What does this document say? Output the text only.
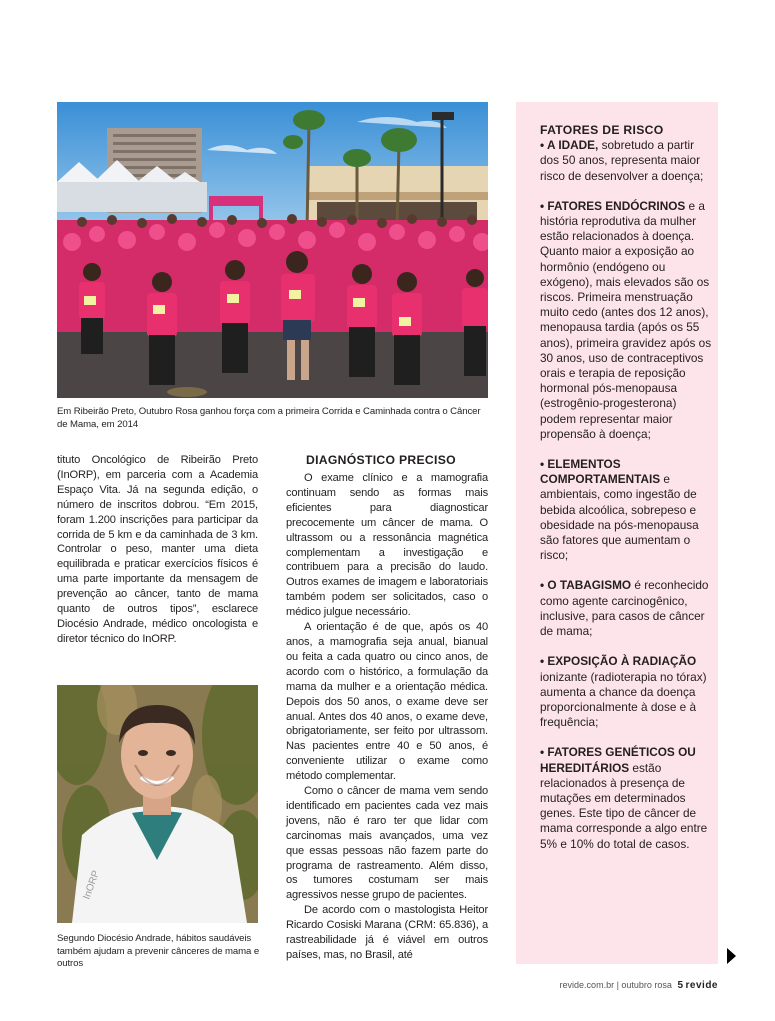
Em Ribeirão Preto, Outubro Rosa ganhou força com a primeira Corrida e Caminhada contra o Câncer de Mama, em 2014

tituto Oncológico de Ribeirão Preto (InORP), em parceria com a Academia Espaço Vita. Já na segunda edição, o número de inscritos dobrou. “Em 2015, foram 1.200 inscrições para participar da corrida de 5 km e da caminhada de 3 km. Controlar o peso, manter uma dieta equilibrada e praticar exercícios físicos é uma parte importante da mensagem de prevenção ao câncer, tanto de mama quanto de outros tipos”, esclarece Diocésio Andrade, médico oncologista e diretor técnico do InORP.

InORP
Segundo Diocésio Andrade, hábitos saudáveis também ajudam a prevenir cânceres de mama e outros

DIAGNÓSTICO PRECISO

O exame clínico e a mamografia continuam sendo as formas mais eficientes para diagnosticar precocemente um câncer de mama. O ultrassom ou a ressonância magnética complementam a investigação e contribuem para a precisão do laudo. Outros exames de imagem e laboratoriais também podem ser solicitados, caso o médico julgue necessário.

A orientação é de que, após os 40 anos, a mamografia seja anual, bianual ou feita a cada quatro ou cinco anos, de acordo com o histórico, a formulação da mama da mulher e a orientação médica. Depois dos 50 anos, o exame deve ser anual. Antes dos 40 anos, o exame deve, obrigatoriamente, ser feito por ultrassom. Nas pacientes entre 40 e 50 anos, é conveniente utilizar o exame como método complementar.

Como o câncer de mama vem sendo identificado em pacientes cada vez mais jovens, não é raro ter que lidar com carcinomas mais avançados, uma vez que essas pessoas não fazem parte do programa de rastreamento. Além disso, os tumores costumam ser mais agressivos nesse grupo de pacientes.

De acordo com o mastologista Heitor Ricardo Cosiski Marana (CRM: 65.836), a rastreabilidade já é viável em outros países, mas, no Brasil, até

FATORES DE RISCO

• A IDADE, sobretudo a partir dos 50 anos, representa maior risco de desenvolver a doença;

• FATORES ENDÓCRINOS e a história reprodutiva da mulher estão relacionados à doença. Quanto maior a exposição ao hormônio (endógeno ou exógeno), mais elevados são os riscos. Primeira menstruação muito cedo (antes dos 12 anos), menopausa tardia (após os 55 anos), primeira gravidez após os 30 anos, uso de contraceptivos orais e terapia de reposição hormonal pós-menopausa (estrogênio-progesterona) podem representar maior propensão à doença;

• ELEMENTOS COMPORTAMENTAIS e ambientais, como ingestão de bebida alcoólica, sobrepeso e obesidade na pós-menopausa são fatores que aumentam o risco;

• O TABAGISMO é reconhecido como agente carcinogênico, inclusive, para casos de câncer de mama;

• EXPOSIÇÃO À RADIAÇÃO ionizante (radioterapia no tórax) aumenta a chance da doença proporcionalmente à dose e à frequência;

• FATORES GENÉTICOS OU HEREDITÁRIOS estão relacionados à presença de mutações em determinados genes. Este tipo de câncer de mama corresponde a algo entre 5% e 10% do total de casos.

revide.com.br | outubro rosa 5 revide
